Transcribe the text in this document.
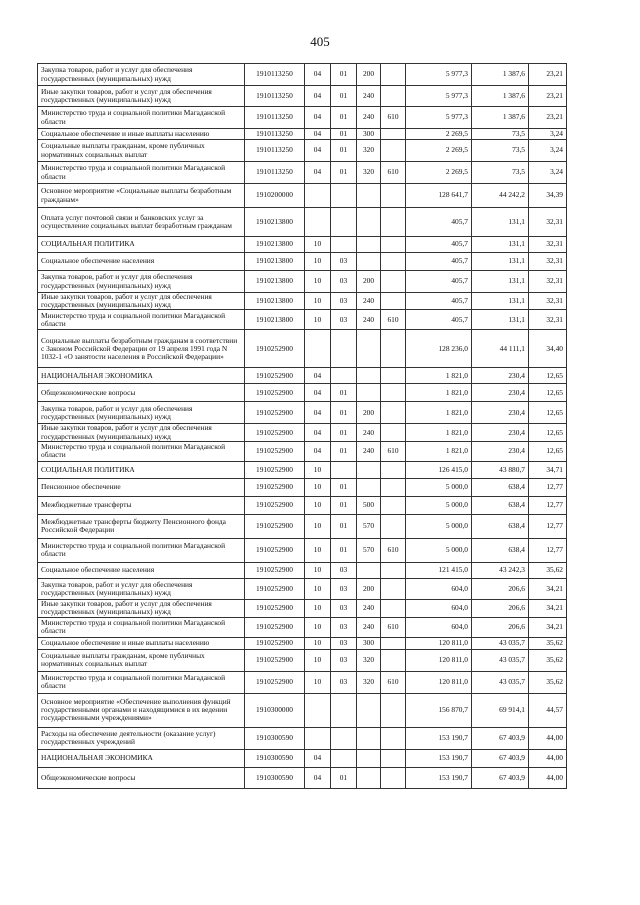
405
Закупка товаров, работ и услуг для обеспечения государственных (муниципальных) нужд	1910113250	04	01	200		5 977,3	1 387,6	23,21
Иные закупки товаров, работ и услуг для обеспечения государственных (муниципальных) нужд	1910113250	04	01	240		5 977,3	1 387,6	23,21
Министерство труда и социальной политики Магаданской области	1910113250	04	01	240	610	5 977,3	1 387,6	23,21
Социальное обеспечение и иные выплаты населению	1910113250	04	01	300		2 269,5	73,5	3,24
Социальные выплаты гражданам, кроме публичных нормативных социальных выплат	1910113250	04	01	320		2 269,5	73,5	3,24
Министерство труда и социальной политики Магаданской области	1910113250	04	01	320	610	2 269,5	73,5	3,24
Основное мероприятие «Социальные выплаты безработным гражданам»	1910200000					128 641,7	44 242,2	34,39
Оплата услуг почтовой связи и банковских услуг за осуществление социальных выплат безработным гражданам	1910213800					405,7	131,1	32,31
СОЦИАЛЬНАЯ ПОЛИТИКА	1910213800	10				405,7	131,1	32,31
Социальное обеспечение населения	1910213800	10	03			405,7	131,1	32,31
Закупка товаров, работ и услуг для обеспечения государственных (муниципальных) нужд	1910213800	10	03	200		405,7	131,1	32,31
Иные закупки товаров, работ и услуг для обеспечения государственных (муниципальных) нужд	1910213800	10	03	240		405,7	131,1	32,31
Министерство труда и социальной политики Магаданской области	1910213800	10	03	240	610	405,7	131,1	32,31
Социальные выплаты безработным гражданам в соответствии с Законом Российской Федерации от 19 апреля 1991 года N 1032-1 «О занятости населения в Российской Федерации»	1910252900					128 236,0	44 111,1	34,40
НАЦИОНАЛЬНАЯ ЭКОНОМИКА	1910252900	04				1 821,0	230,4	12,65
Общеэкономические вопросы	1910252900	04	01			1 821,0	230,4	12,65
Закупка товаров, работ и услуг для обеспечения государственных (муниципальных) нужд	1910252900	04	01	200		1 821,0	230,4	12,65
Иные закупки товаров, работ и услуг для обеспечения государственных (муниципальных) нужд	1910252900	04	01	240		1 821,0	230,4	12,65
Министерство труда и социальной политики Магаданской области	1910252900	04	01	240	610	1 821,0	230,4	12,65
СОЦИАЛЬНАЯ ПОЛИТИКА	1910252900	10				126 415,0	43 880,7	34,71
Пенсионное обеспечение	1910252900	10	01			5 000,0	638,4	12,77
Межбюджетные трансферты	1910252900	10	01	500		5 000,0	638,4	12,77
Межбюджетные трансферты бюджету Пенсионного фонда Российской Федерации	1910252900	10	01	570		5 000,0	638,4	12,77
Министерство труда и социальной политики Магаданской области	1910252900	10	01	570	610	5 000,0	638,4	12,77
Социальное обеспечение населения	1910252900	10	03			121 415,0	43 242,3	35,62
Закупка товаров, работ и услуг для обеспечения государственных (муниципальных) нужд	1910252900	10	03	200		604,0	206,6	34,21
Иные закупки товаров, работ и услуг для обеспечения государственных (муниципальных) нужд	1910252900	10	03	240		604,0	206,6	34,21
Министерство труда и социальной политики Магаданской области	1910252900	10	03	240	610	604,0	206,6	34,21
Социальное обеспечение и иные выплаты населению	1910252900	10	03	300		120 811,0	43 035,7	35,62
Социальные выплаты гражданам, кроме публичных нормативных социальных выплат	1910252900	10	03	320		120 811,0	43 035,7	35,62
Министерство труда и социальной политики Магаданской области	1910252900	10	03	320	610	120 811,0	43 035,7	35,62
Основное мероприятие «Обеспечение выполнения функций государственными органами и находящимися в их ведении государственными учреждениями»	1910300000					156 870,7	69 914,1	44,57
Расходы на обеспечение деятельности (оказание услуг) государственных учреждений	1910300590					153 190,7	67 403,9	44,00
НАЦИОНАЛЬНАЯ ЭКОНОМИКА	1910300590	04				153 190,7	67 403,9	44,00
Общеэкономические вопросы	1910300590	04	01			153 190,7	67 403,9	44,00
